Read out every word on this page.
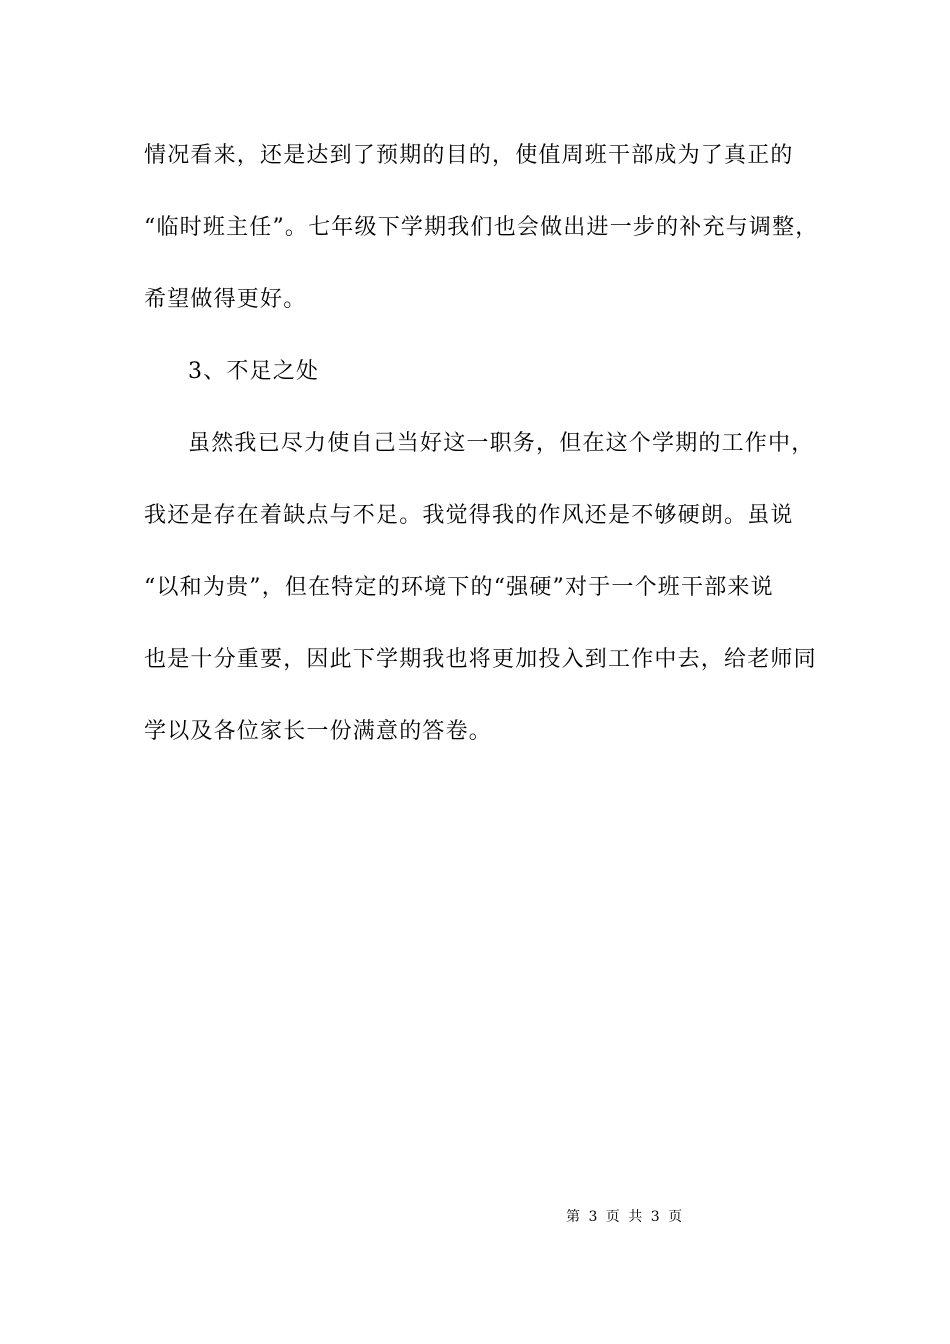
情况看来，还是达到了预期的目的，使值周班干部成为了真正的
“临时班主任”。七年级下学期我们也会做出进一步的补充与调整，
希望做得更好。
3、不足之处
虽然我已尽力使自己当好这一职务，但在这个学期的工作中，
我还是存在着缺点与不足。我觉得我的作风还是不够硬朗。虽说
“以和为贵”，但在特定的环境下的“强硬”对于一个班干部来说
也是十分重要，因此下学期我也将更加投入到工作中去，给老师同
学以及各位家长一份满意的答卷。
第 3 页 共 3 页
